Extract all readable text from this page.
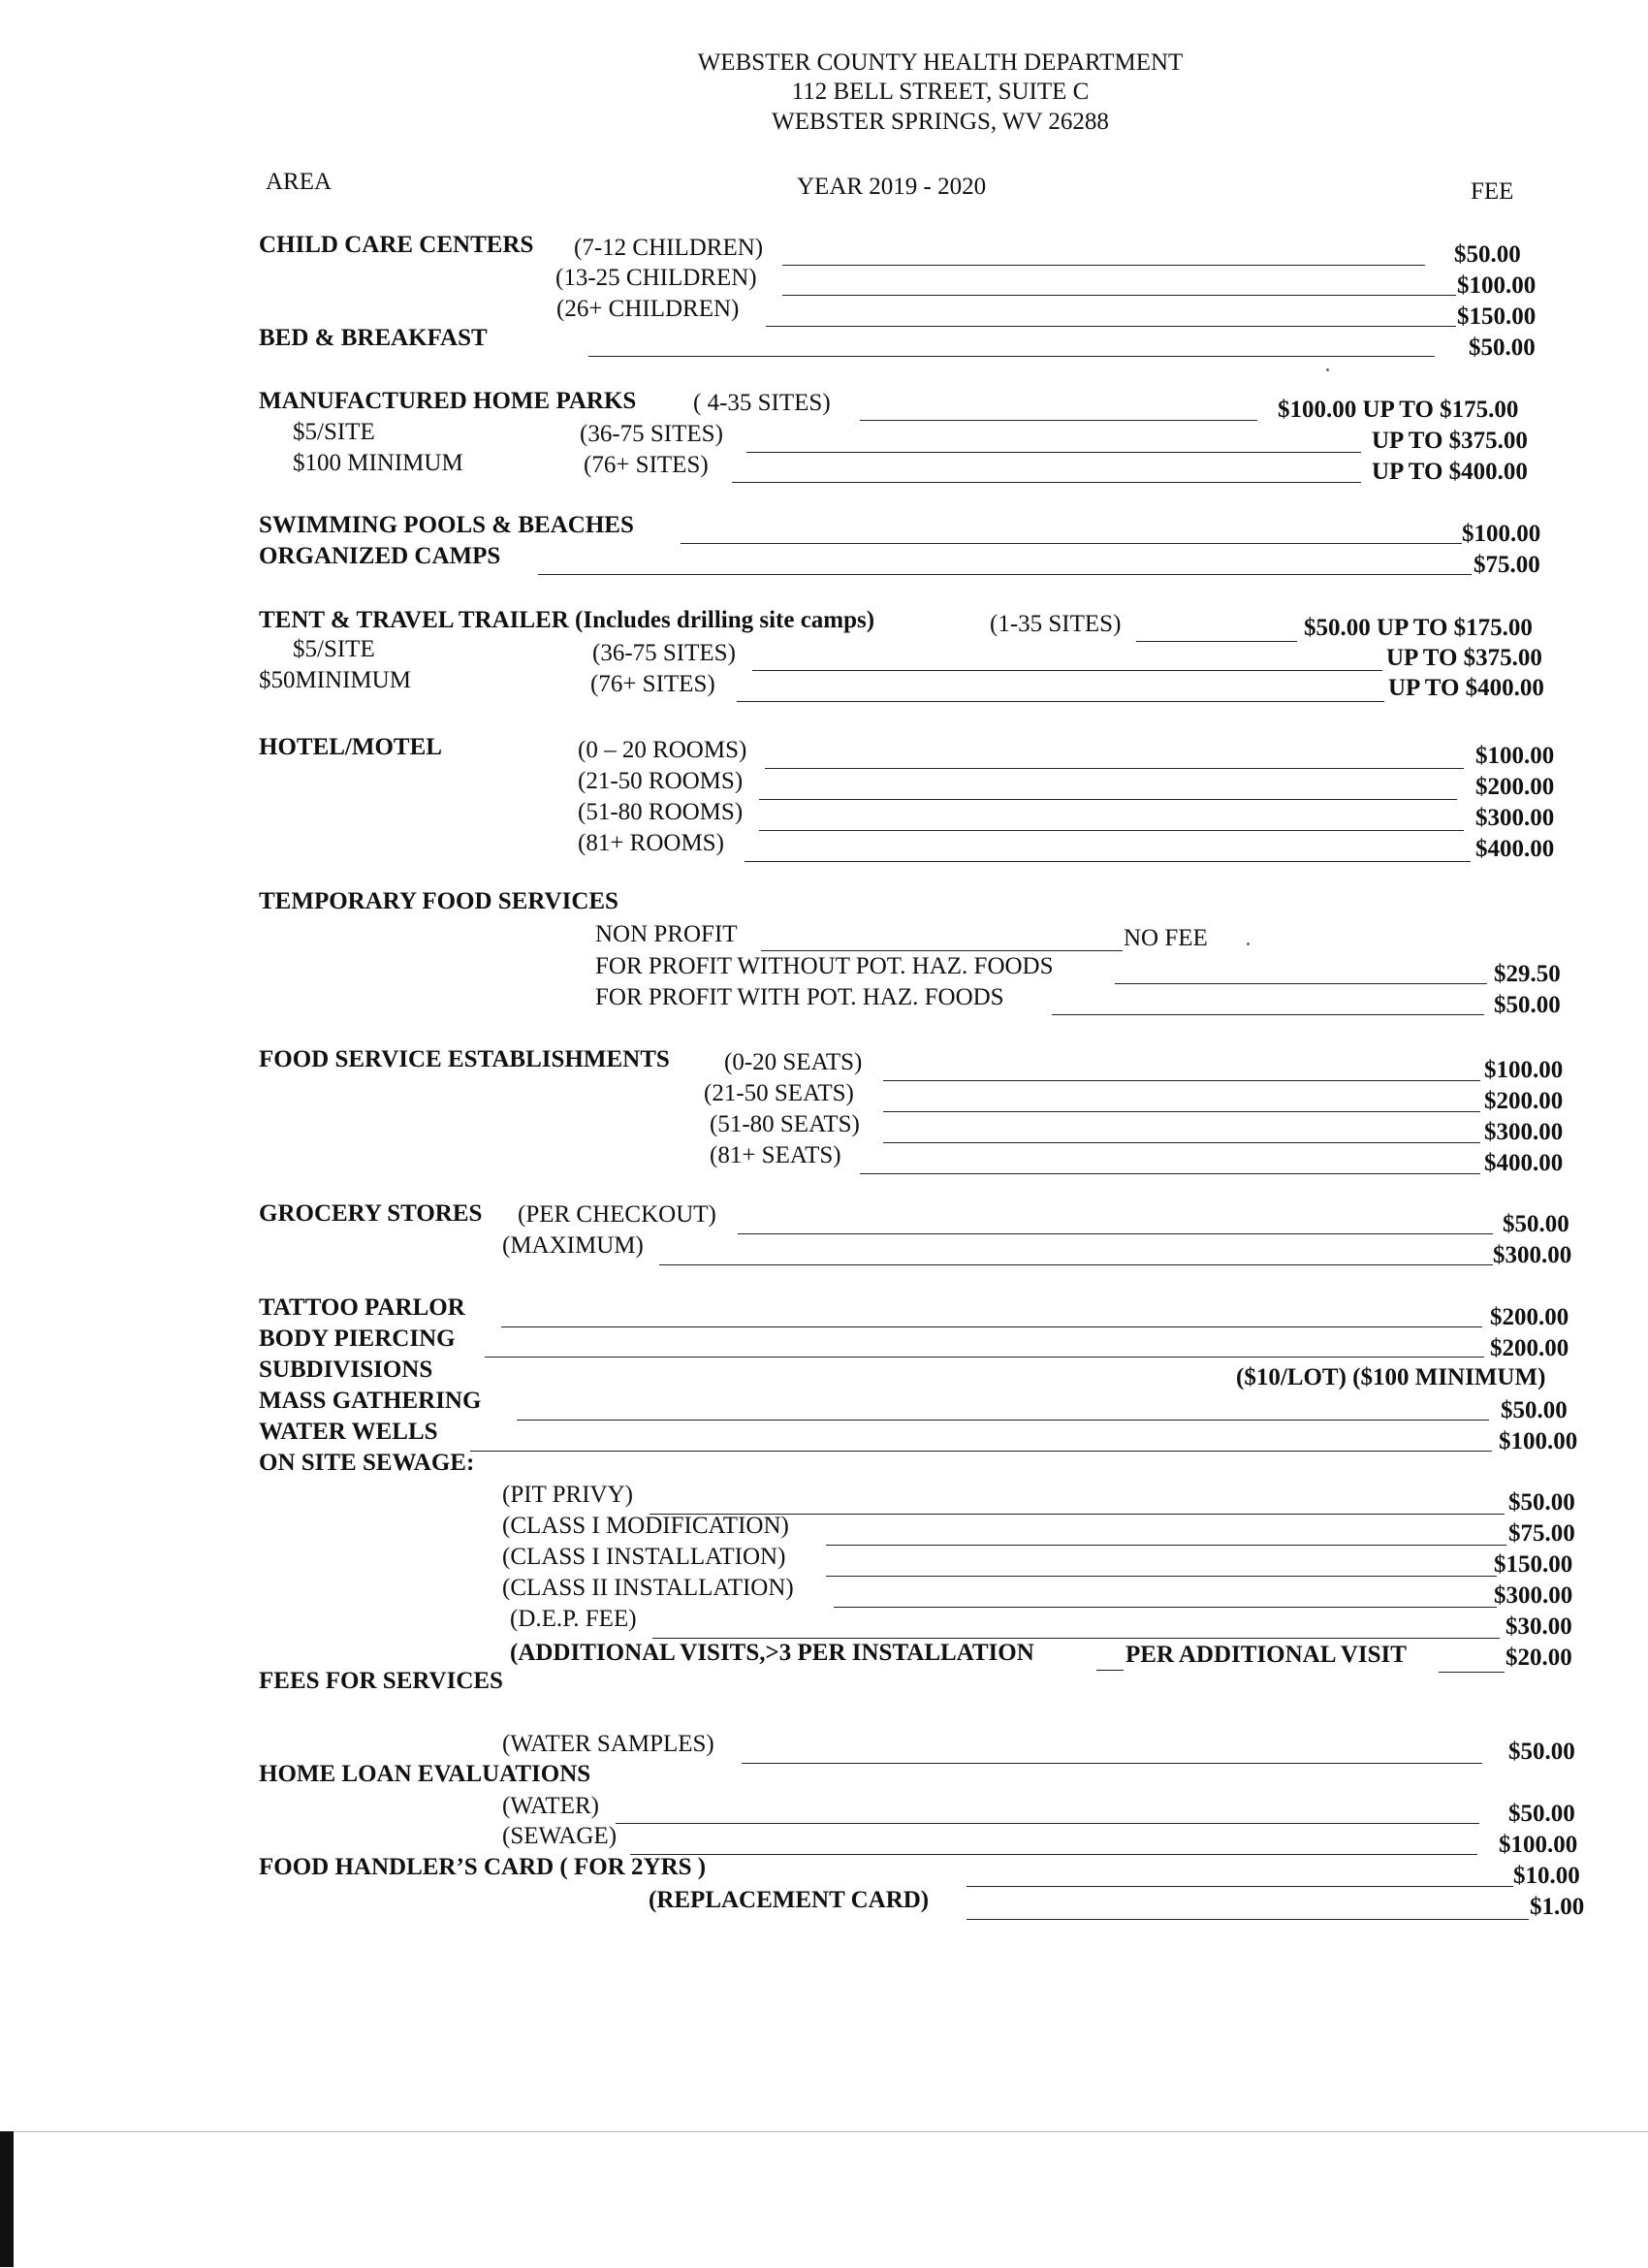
WEBSTER COUNTY HEALTH DEPARTMENT
112 BELL STREET, SUITE C
WEBSTER SPRINGS, WV 26288
AREA	YEAR 2019 - 2020	FEE
CHILD CARE CENTERS (7-12 CHILDREN)	$50.00
(13-25 CHILDREN)	$100.00
(26+ CHILDREN)	$150.00
BED & BREAKFAST	$50.00
MANUFACTURED HOME PARKS ( 4-35 SITES)	$100.00 UP TO $175.00
$5/SITE	(36-75 SITES)	UP TO $375.00
$100 MINIMUM	(76+ SITES)	UP TO $400.00
SWIMMING POOLS & BEACHES	$100.00
ORGANIZED CAMPS	$75.00
TENT & TRAVEL TRAILER (Includes drilling site camps)	(1-35 SITES)	$50.00 UP TO $175.00
$5/SITE	(36-75 SITES)	UP TO $375.00
$50MINIMUM	(76+ SITES)	UP TO $400.00
HOTEL/MOTEL	(0 – 20 ROOMS)	$100.00
(21-50 ROOMS)	$200.00
(51-80 ROOMS)	$300.00
(81+ ROOMS)	$400.00
TEMPORARY FOOD SERVICES
NON PROFIT	NO FEE
FOR PROFIT WITHOUT POT. HAZ. FOODS	$29.50
FOR PROFIT WITH POT. HAZ. FOODS	$50.00
FOOD SERVICE ESTABLISHMENTS (0-20 SEATS)	$100.00
(21-50 SEATS)	$200.00
(51-80 SEATS)	$300.00
(81+ SEATS)	$400.00
GROCERY STORES (PER CHECKOUT)	$50.00
(MAXIMUM)	$300.00
TATTOO PARLOR	$200.00
BODY PIERCING	$200.00
SUBDIVISIONS	($10/LOT) ($100 MINIMUM)
MASS GATHERING	$50.00
WATER WELLS	$100.00
ON SITE SEWAGE:
(PIT PRIVY)	$50.00
(CLASS I MODIFICATION)	$75.00
(CLASS I INSTALLATION)	$150.00
(CLASS II INSTALLATION)	$300.00
(D.E.P. FEE)	$30.00
(ADDITIONAL VISITS,>3 PER INSTALLATION	PER ADDITIONAL VISIT	$20.00
FEES FOR SERVICES
(WATER SAMPLES)	$50.00
HOME LOAN EVALUATIONS
(WATER)	$50.00
(SEWAGE)	$100.00
FOOD HANDLER’S CARD ( FOR 2YRS )	$10.00
(REPLACEMENT CARD)	$1.00
